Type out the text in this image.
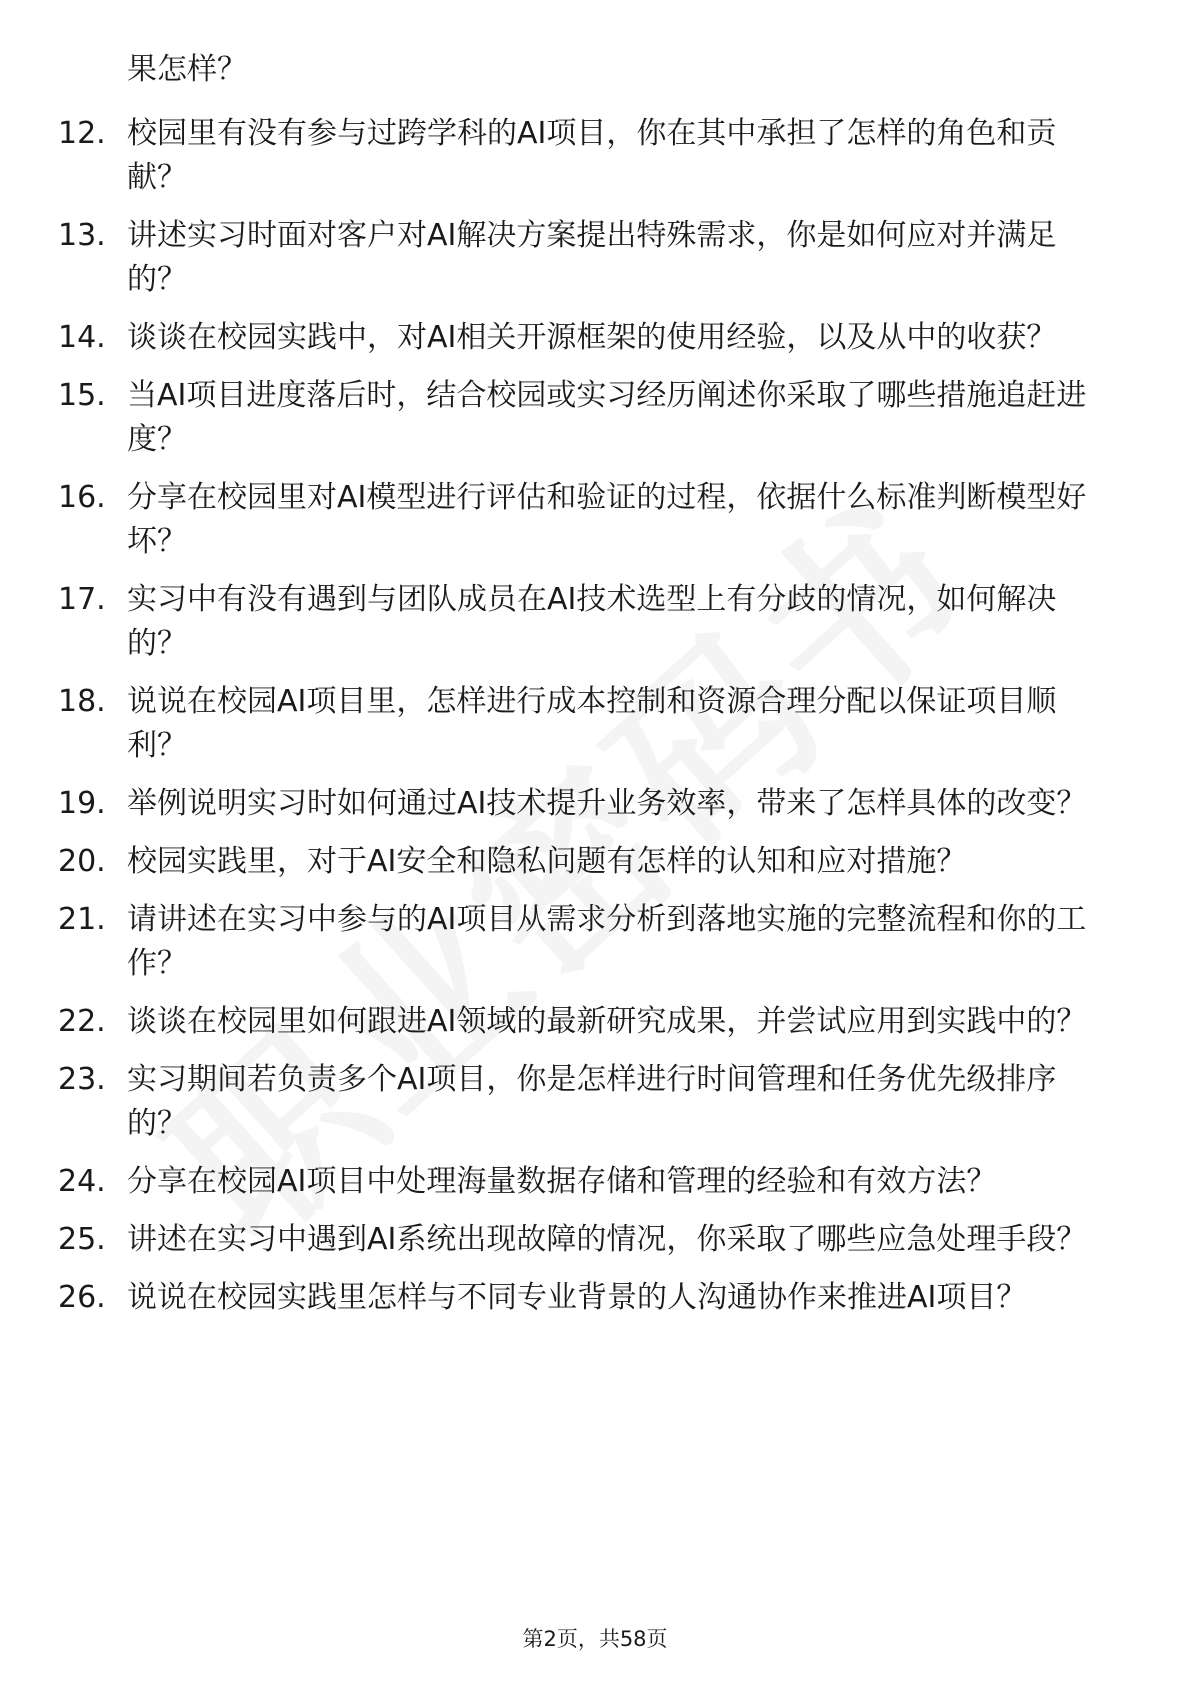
果怎样？
12. 校园里有没有参与过跨学科的AI项目，你在其中承担了怎样的角色和贡献？
13. 讲述实习时面对客户对AI解决方案提出特殊需求，你是如何应对并满足的？
14. 谈谈在校园实践中，对AI相关开源框架的使用经验，以及从中的收获？
15. 当AI项目进度落后时，结合校园或实习经历阐述你采取了哪些措施追赶进度？
16. 分享在校园里对AI模型进行评估和验证的过程，依据什么标准判断模型好坏？
17. 实习中有没有遇到与团队成员在AI技术选型上有分歧的情况，如何解决的？
18. 说说在校园AI项目里，怎样进行成本控制和资源合理分配以保证项目顺利？
19. 举例说明实习时如何通过AI技术提升业务效率，带来了怎样具体的改变？
20. 校园实践里，对于AI安全和隐私问题有怎样的认知和应对措施？
21. 请讲述在实习中参与的AI项目从需求分析到落地实施的完整流程和你的工作？
22. 谈谈在校园里如何跟进AI领域的最新研究成果，并尝试应用到实践中的？
23. 实习期间若负责多个AI项目，你是怎样进行时间管理和任务优先级排序的？
24. 分享在校园AI项目中处理海量数据存储和管理的经验和有效方法？
25. 讲述在实习中遇到AI系统出现故障的情况，你采取了哪些应急处理手段？
26. 说说在校园实践里怎样与不同专业背景的人沟通协作来推进AI项目？
第2页，共58页
